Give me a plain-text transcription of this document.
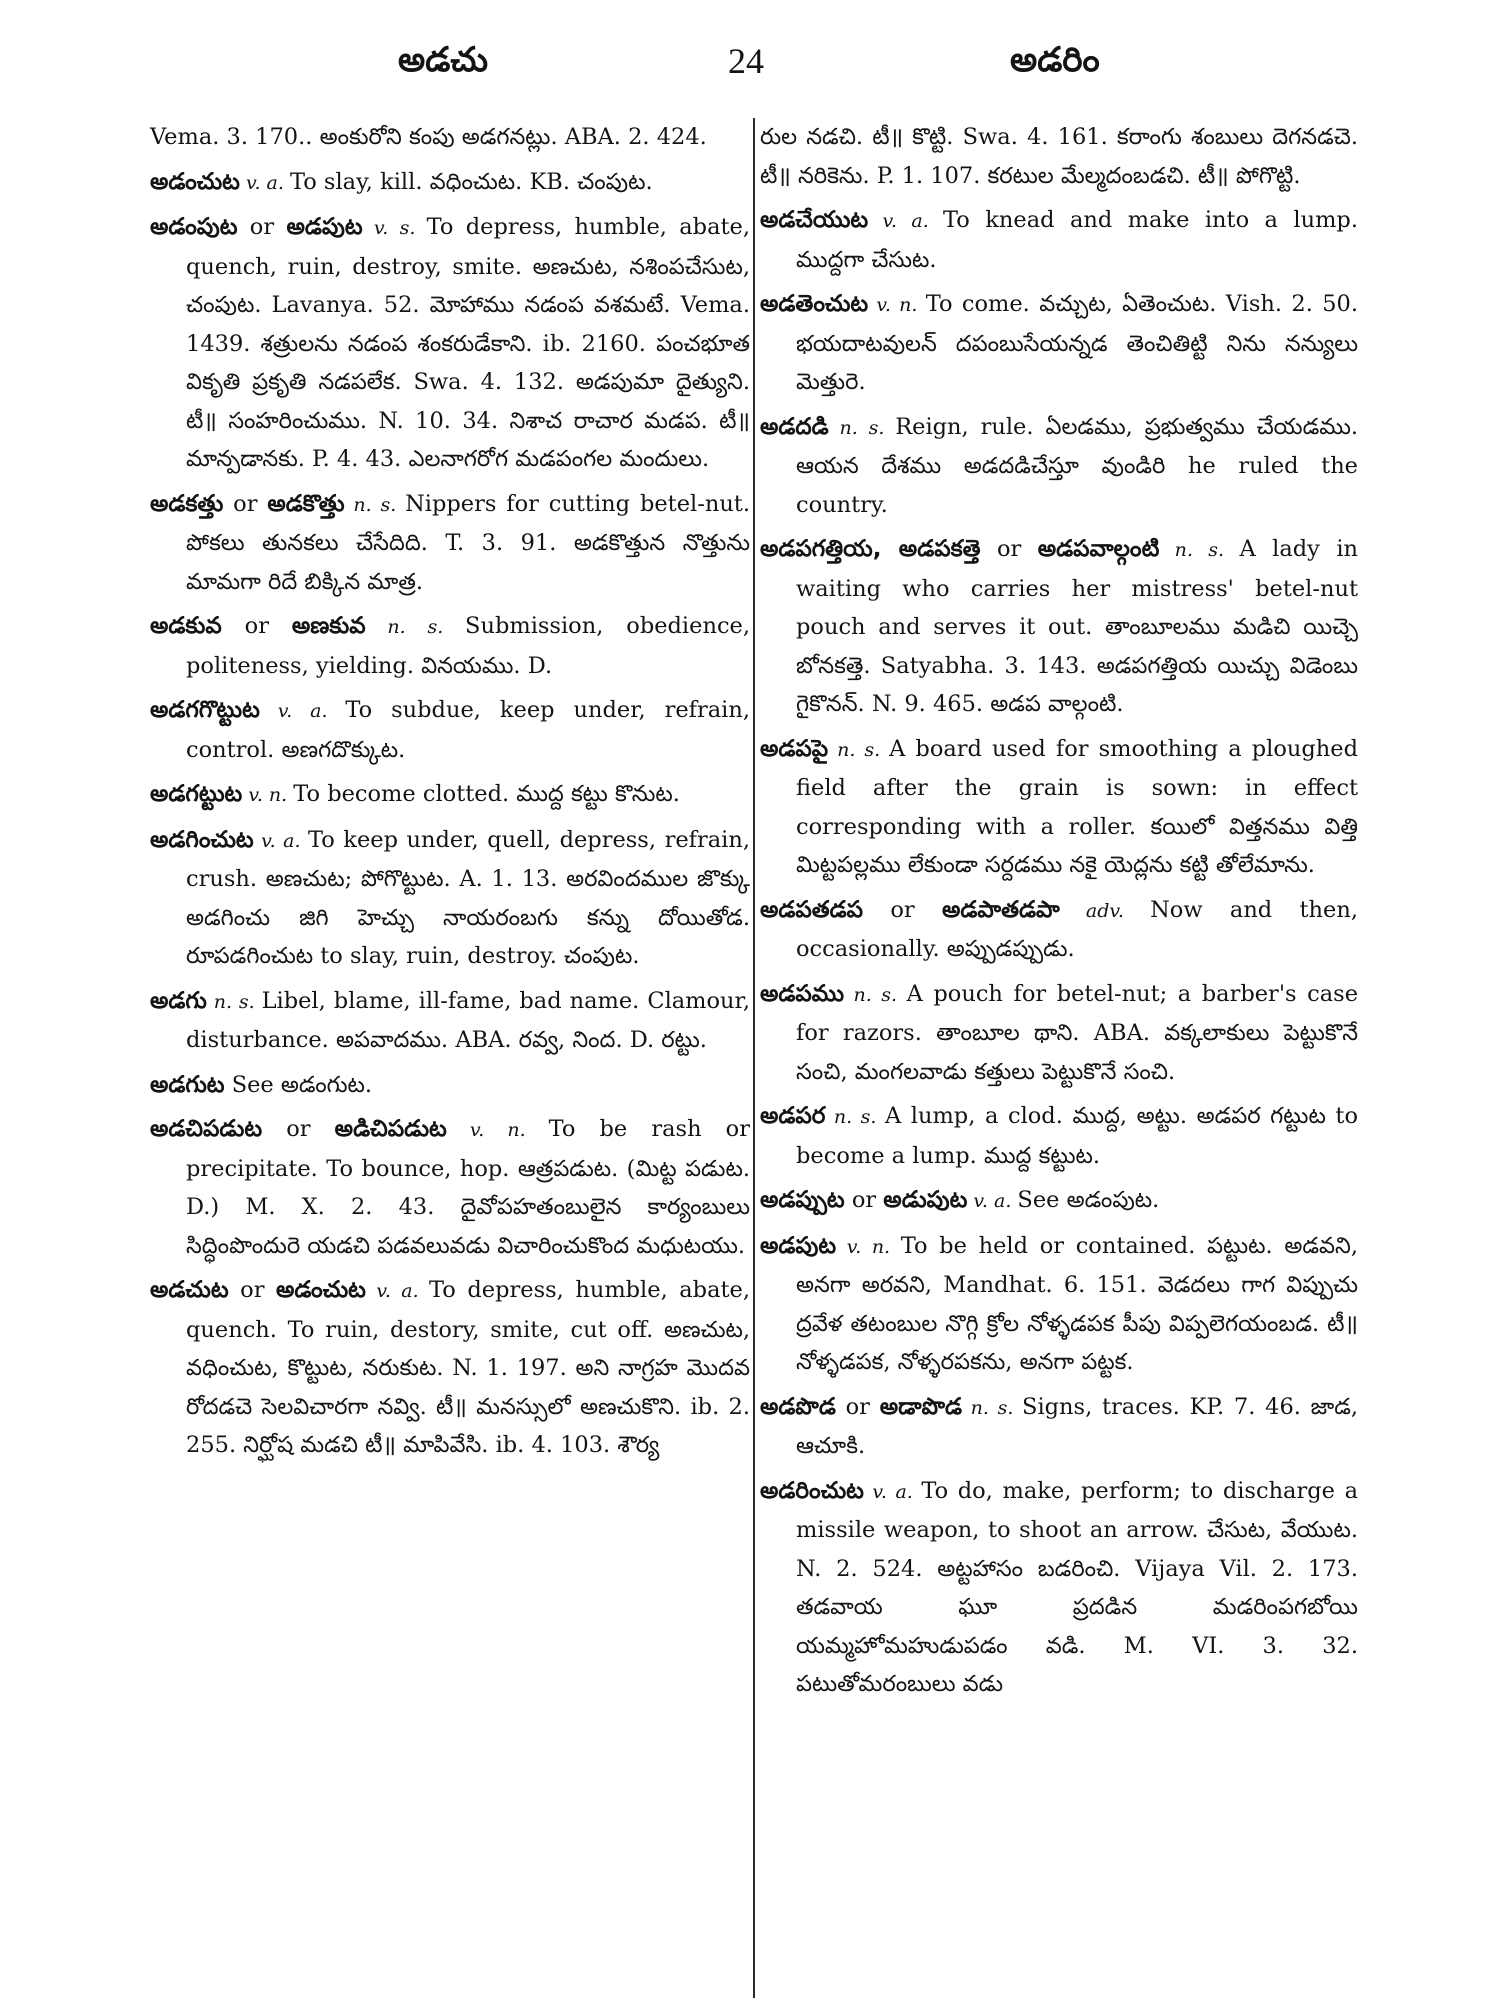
అడచు	24	అడరిం

Vema. 3. 170.. అంకురోని కంపు అడగనట్లు. ABA. 2. 424.

అడంచుట v. a. To slay, kill. వధించుట. KB. చంపుట.

అడంపుట or అడపుట v. s. To depress, humble, abate, quench, ruin, destroy, smite. అణచుట, నశింపచేసుట, చంపుట. Lavanya. 52. మోహాము నడంప వశమటే. Vema. 1439. శత్రులను నడంప శంకరుడేకాని. ib. 2160. పంచభూత వికృతి ప్రకృతి నడపలేక. Swa. 4. 132. అడపుమా దైత్యుని. టీ॥ సంహరించుము. N. 10. 34. నిశాచ రాచార మడప. టీ॥ మాన్పడానకు. P. 4. 43. ఎలనాగరోగ మడపంగల మందులు.

అడకత్తు or అడకొత్తు n. s. Nippers for cutting betel-nut. పోకలు తునకలు చేసేదిది. T. 3. 91. అడకొత్తున నొత్తును మామగా రిదే బిక్కిన మాత్ర.

అడకువ or అణకువ n. s. Submission, obedience, politeness, yielding. వినయము. D.

అడగగొట్టుట v. a. To subdue, keep under, refrain, control. అణగదొక్కుట.

అడగట్టుట v. n. To become clotted. ముద్ద కట్టు కొనుట.

అడగించుట v. a. To keep under, quell, depress, refrain, crush. అణచుట; పోగొట్టుట. A. 1. 13. అరవిందముల జొక్కు అడగించు జిగి హెచ్చు నాయరంబగు కన్ను దోయితోడ. రూపడగించుట to slay, ruin, destroy. చంపుట.

అడగు n. s. Libel, blame, ill-fame, bad name. Clamour, disturbance. అపవాదము. ABA. రవ్వ, నింద. D. రట్టు.

అడగుట See అడంగుట.

అడచిపడుట or అడిచిపడుట v. n. To be rash or precipitate. To bounce, hop. ఆత్రపడుట. (మిట్ట పడుట. D.) M. X. 2. 43. దైవోపహతంబులైన కార్యంబులు సిద్ధింపొందురె యడచి పడవలువడు విచారించుకొంద మధుటయు.

అడచుట or అడంచుట v. a. To depress, humble, abate, quench. To ruin, destory, smite, cut off. అణచుట, వధించుట, కొట్టుట, నరుకుట. N. 1. 197. అని నాగ్రహ మొదవ రోదడచె సెలవిచారగా నవ్వి. టీ॥ మనస్సులో అణచుకొని. ib. 2. 255. నిర్ఘోష మడచి టీ॥ మాపివేసి. ib. 4. 103. శౌర్య

రుల నడచి. టీ॥ కొట్టి. Swa. 4. 161. కరాంగు శంబులు దెగనడచె. టీ॥ నరికెను. P. 1. 107. కరటుల మేల్మదంబడచి. టీ॥ పోగొట్టి.

అడచేయుట v. a. To knead and make into a lump. ముద్దగా చేసుట.

అడతెంచుట v. n. To come. వచ్చుట, ఏతెంచుట. Vish. 2. 50. భయదాటవులన్ దపంబుసేయన్నడ తెంచితిట్టి నిను నన్యులు మెత్తురె.

అడదడి n. s. Reign, rule. ఏలడము, ప్రభుత్వము చేయడము. ఆయన దేశము అడదడిచేస్తూ వుండిరి he ruled the country.

అడపగత్తియ, అడపకత్తె or అడపవాల్గంటి n. s. A lady in waiting who carries her mistress' betel-nut pouch and serves it out. తాంబూలము మడిచి యిచ్చె బోనకత్తె. Satyabha. 3. 143. అడపగత్తియ యిచ్చు విడెంబు గైకొనన్. N. 9. 465. అడప వాల్గంటి.

అడపపై n. s. A board used for smoothing a ploughed field after the grain is sown: in effect corresponding with a roller. కయిలో విత్తనము విత్తి మిట్టపల్లము లేకుండా సర్దడము నకై యెద్లను కట్టి తోలేమాను.

అడపతడప or అడపాతడపా adv. Now and then, occasionally. అప్పుడప్పుడు.

అడపము n. s. A pouch for betel-nut; a barber's case for razors. తాంబూల థాని. ABA. వక్కలాకులు పెట్టుకొనే సంచి, మంగలవాడు కత్తులు పెట్టుకొనే సంచి.

అడపర n. s. A lump, a clod. ముద్ద, అట్టు. అడపర గట్టుట to become a lump. ముద్ద కట్టుట.

అడప్పుట or అడుపుట v. a. See అడంపుట.

అడపుట v. n. To be held or contained. పట్టుట. అడవని, అనగా అరవని, Mandhat. 6. 151. వెడదలు గాగ విప్పుచు ద్రవేళ తటంబుల నొగ్గి క్రోల నోళ్ళడపక పీపు విప్పలెగయంబడ. టీ॥ నోళ్ళడపక, నోళ్ళరపకను, అనగా పట్టక.

అడపొడ or అడాపొడ n. s. Signs, traces. KP. 7. 46. జాడ, ఆచూకి.

అడరించుట v. a. To do, make, perform; to discharge a missile weapon, to shoot an arrow. చేసుట, వేయుట. N. 2. 524. అట్టహాసం బడరించి. Vijaya Vil. 2. 173. తడవాయ ఘూ ప్రదడిన మడరింపగబోయి యమ్మహోమహుడుపడం వడి. M. VI. 3. 32. పటుతోమరంబులు వడు
